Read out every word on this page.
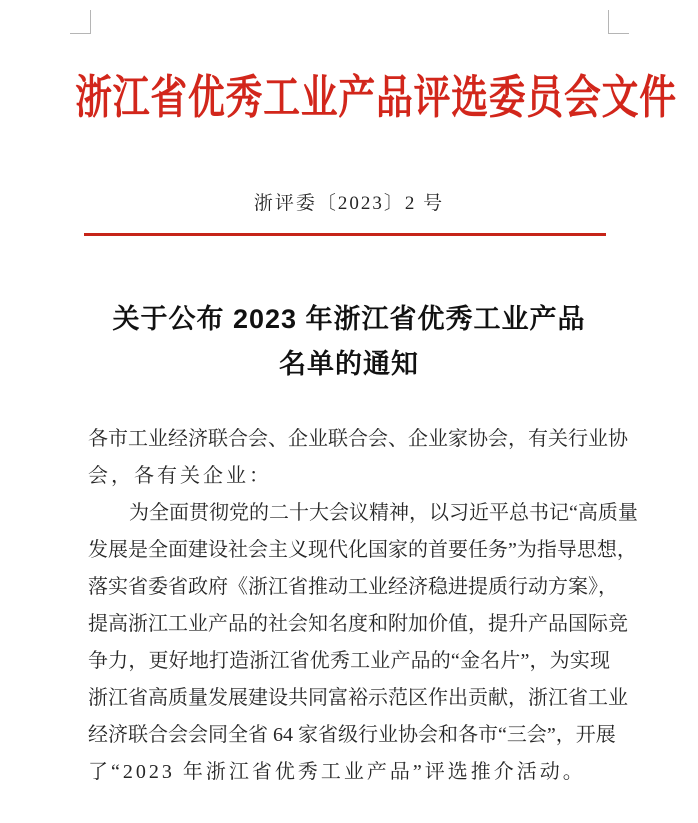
浙江省优秀工业产品评选委员会文件
浙评委〔2023〕2 号
关于公布 2023 年浙江省优秀工业产品
名单的通知
各市工业经济联合会、企业联合会、企业家协会，有关行业协
会，各有关企业：
为全面贯彻党的二十大会议精神，以习近平总书记“高质量
发展是全面建设社会主义现代化国家的首要任务”为指导思想，
落实省委省政府《浙江省推动工业经济稳进提质行动方案》，
提高浙江工业产品的社会知名度和附加价值，提升产品国际竞
争力，更好地打造浙江省优秀工业产品的“金名片”，为实现
浙江省高质量发展建设共同富裕示范区作出贡献，浙江省工业
经济联合会会同全省 64 家省级行业协会和各市“三会”，开展
了“2023 年浙江省优秀工业产品”评选推介活动。
